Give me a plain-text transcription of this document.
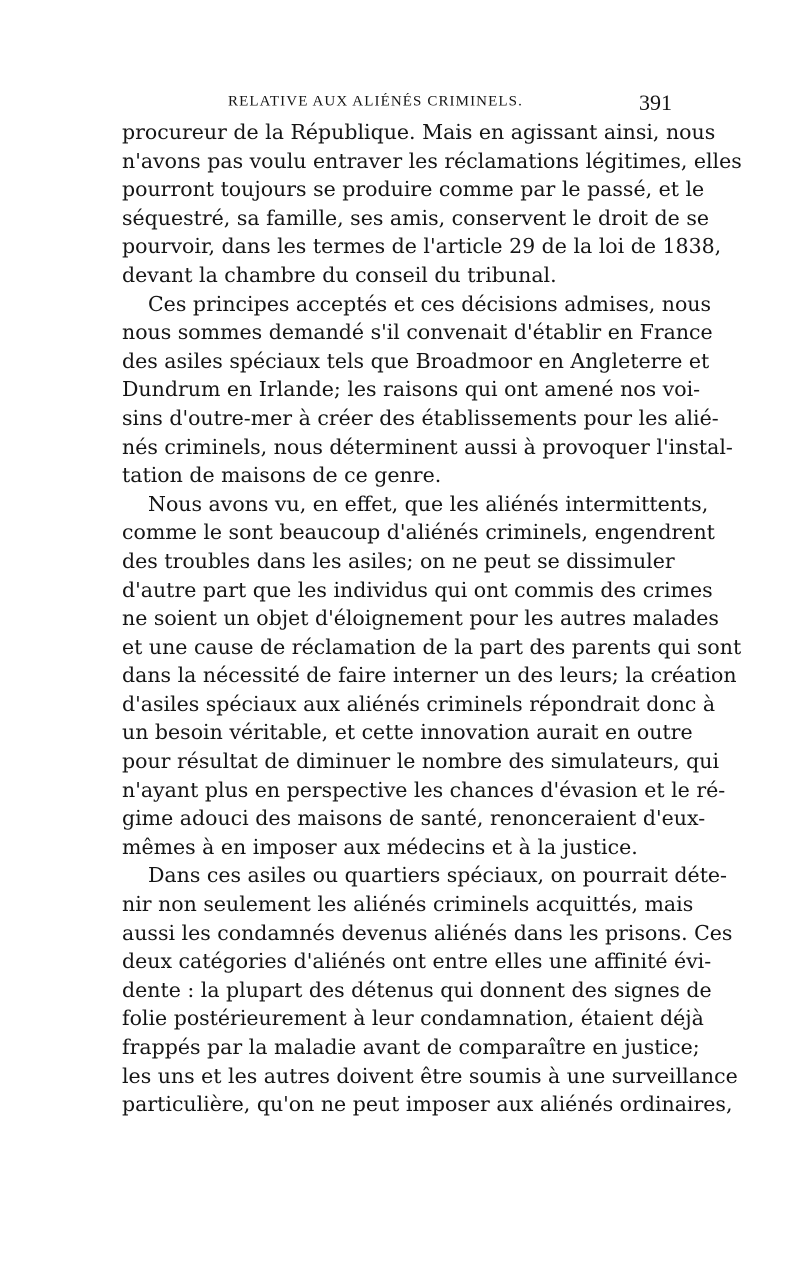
RELATIVE AUX ALIÉNÉS CRIMINELS.	391
procureur de la République. Mais en agissant ainsi, nous
n'avons pas voulu entraver les réclamations légitimes, elles
pourront toujours se produire comme par le passé, et le
séquestré, sa famille, ses amis, conservent le droit de se
pourvoir, dans les termes de l'article 29 de la loi de 1838,
devant la chambre du conseil du tribunal.
Ces principes acceptés et ces décisions admises, nous
nous sommes demandé s'il convenait d'établir en France
des asiles spéciaux tels que Broadmoor en Angleterre et
Dundrum en Irlande; les raisons qui ont amené nos voi-
sins d'outre-mer à créer des établissements pour les alié-
nés criminels, nous déterminent aussi à provoquer l'instal-
tation de maisons de ce genre.
Nous avons vu, en effet, que les aliénés intermittents,
comme le sont beaucoup d'aliénés criminels, engendrent
des troubles dans les asiles; on ne peut se dissimuler
d'autre part que les individus qui ont commis des crimes
ne soient un objet d'éloignement pour les autres malades
et une cause de réclamation de la part des parents qui sont
dans la nécessité de faire interner un des leurs; la création
d'asiles spéciaux aux aliénés criminels répondrait donc à
un besoin véritable, et cette innovation aurait en outre
pour résultat de diminuer le nombre des simulateurs, qui
n'ayant plus en perspective les chances d'évasion et le ré-
gime adouci des maisons de santé, renonceraient d'eux-
mêmes à en imposer aux médecins et à la justice.
Dans ces asiles ou quartiers spéciaux, on pourrait déte-
nir non seulement les aliénés criminels acquittés, mais
aussi les condamnés devenus aliénés dans les prisons. Ces
deux catégories d'aliénés ont entre elles une affinité évi-
dente : la plupart des détenus qui donnent des signes de
folie postérieurement à leur condamnation, étaient déjà
frappés par la maladie avant de comparaître en justice;
les uns et les autres doivent être soumis à une surveillance
particulière, qu'on ne peut imposer aux aliénés ordinaires,
